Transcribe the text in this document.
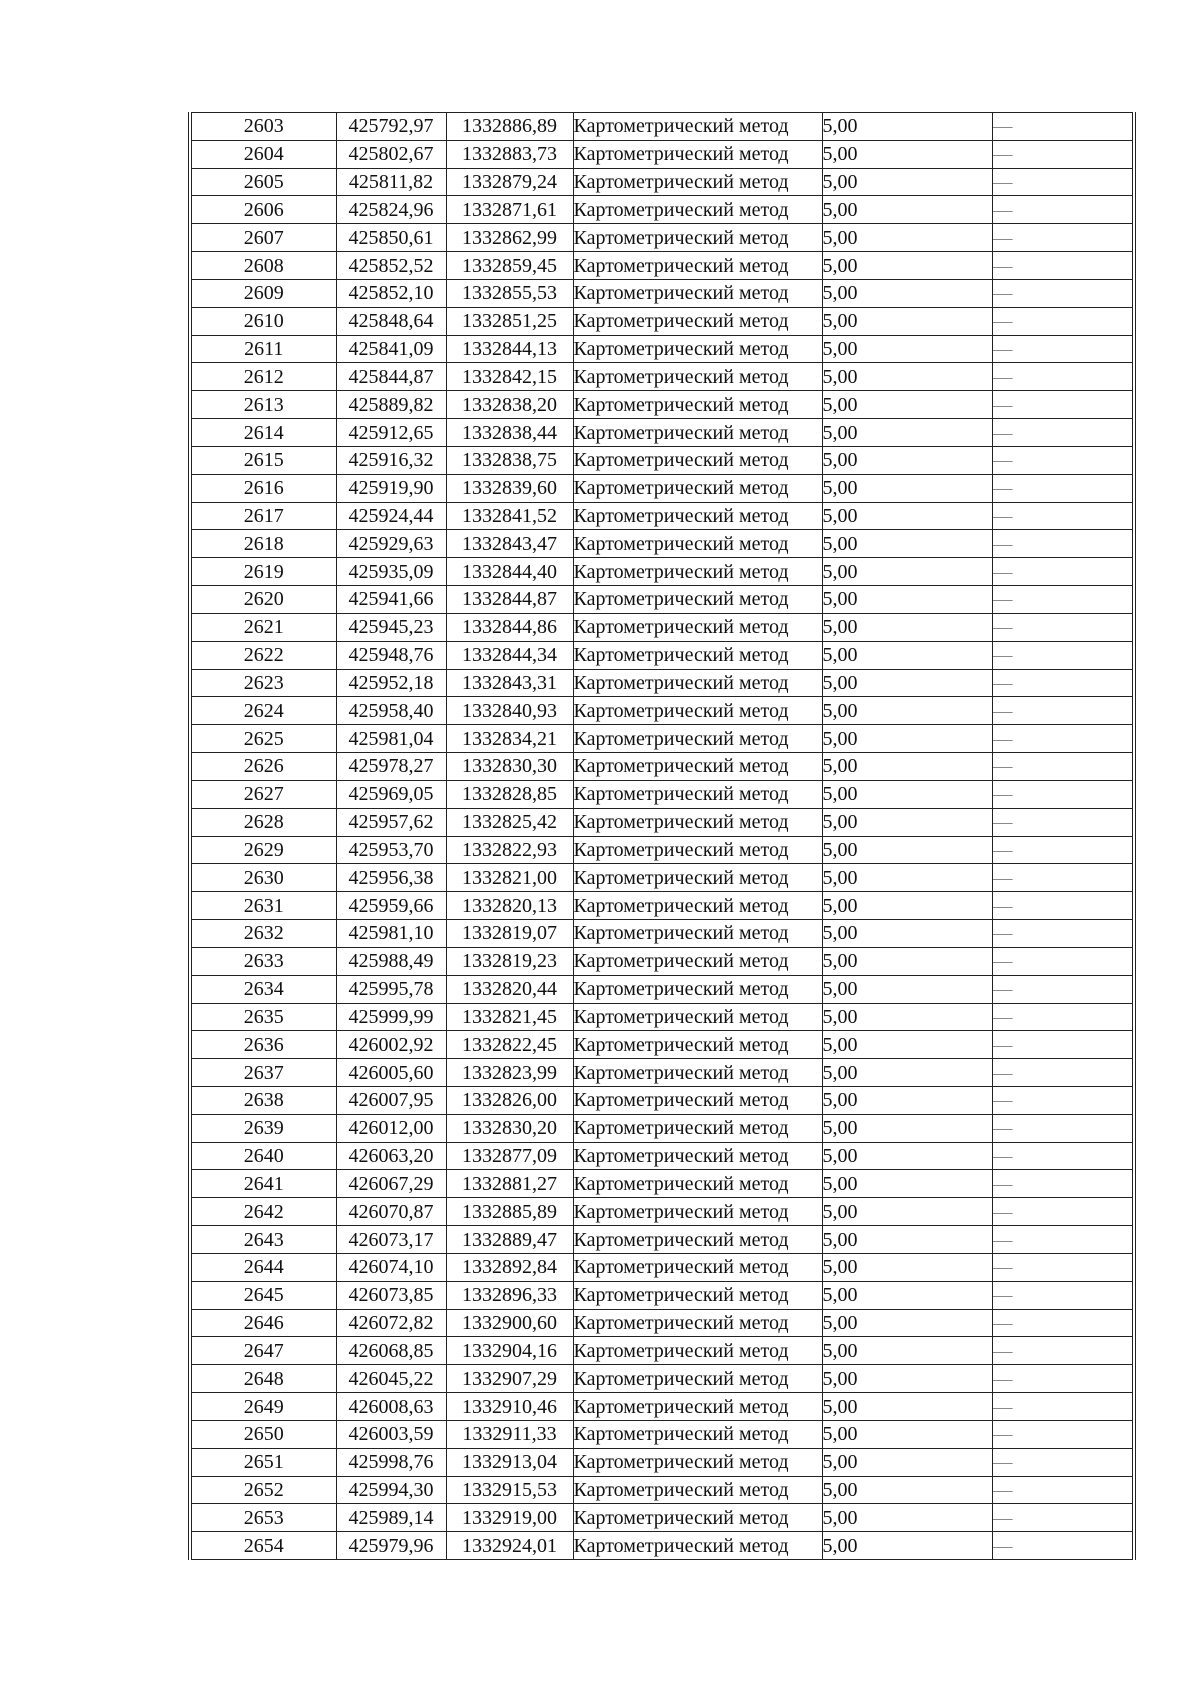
2603	425792,97	1332886,89	Картометрический метод	5,00	—
2604	425802,67	1332883,73	Картометрический метод	5,00	—
2605	425811,82	1332879,24	Картометрический метод	5,00	—
2606	425824,96	1332871,61	Картометрический метод	5,00	—
2607	425850,61	1332862,99	Картометрический метод	5,00	—
2608	425852,52	1332859,45	Картометрический метод	5,00	—
2609	425852,10	1332855,53	Картометрический метод	5,00	—
2610	425848,64	1332851,25	Картометрический метод	5,00	—
2611	425841,09	1332844,13	Картометрический метод	5,00	—
2612	425844,87	1332842,15	Картометрический метод	5,00	—
2613	425889,82	1332838,20	Картометрический метод	5,00	—
2614	425912,65	1332838,44	Картометрический метод	5,00	—
2615	425916,32	1332838,75	Картометрический метод	5,00	—
2616	425919,90	1332839,60	Картометрический метод	5,00	—
2617	425924,44	1332841,52	Картометрический метод	5,00	—
2618	425929,63	1332843,47	Картометрический метод	5,00	—
2619	425935,09	1332844,40	Картометрический метод	5,00	—
2620	425941,66	1332844,87	Картометрический метод	5,00	—
2621	425945,23	1332844,86	Картометрический метод	5,00	—
2622	425948,76	1332844,34	Картометрический метод	5,00	—
2623	425952,18	1332843,31	Картометрический метод	5,00	—
2624	425958,40	1332840,93	Картометрический метод	5,00	—
2625	425981,04	1332834,21	Картометрический метод	5,00	—
2626	425978,27	1332830,30	Картометрический метод	5,00	—
2627	425969,05	1332828,85	Картометрический метод	5,00	—
2628	425957,62	1332825,42	Картометрический метод	5,00	—
2629	425953,70	1332822,93	Картометрический метод	5,00	—
2630	425956,38	1332821,00	Картометрический метод	5,00	—
2631	425959,66	1332820,13	Картометрический метод	5,00	—
2632	425981,10	1332819,07	Картометрический метод	5,00	—
2633	425988,49	1332819,23	Картометрический метод	5,00	—
2634	425995,78	1332820,44	Картометрический метод	5,00	—
2635	425999,99	1332821,45	Картометрический метод	5,00	—
2636	426002,92	1332822,45	Картометрический метод	5,00	—
2637	426005,60	1332823,99	Картометрический метод	5,00	—
2638	426007,95	1332826,00	Картометрический метод	5,00	—
2639	426012,00	1332830,20	Картометрический метод	5,00	—
2640	426063,20	1332877,09	Картометрический метод	5,00	—
2641	426067,29	1332881,27	Картометрический метод	5,00	—
2642	426070,87	1332885,89	Картометрический метод	5,00	—
2643	426073,17	1332889,47	Картометрический метод	5,00	—
2644	426074,10	1332892,84	Картометрический метод	5,00	—
2645	426073,85	1332896,33	Картометрический метод	5,00	—
2646	426072,82	1332900,60	Картометрический метод	5,00	—
2647	426068,85	1332904,16	Картометрический метод	5,00	—
2648	426045,22	1332907,29	Картометрический метод	5,00	—
2649	426008,63	1332910,46	Картометрический метод	5,00	—
2650	426003,59	1332911,33	Картометрический метод	5,00	—
2651	425998,76	1332913,04	Картометрический метод	5,00	—
2652	425994,30	1332915,53	Картометрический метод	5,00	—
2653	425989,14	1332919,00	Картометрический метод	5,00	—
2654	425979,96	1332924,01	Картометрический метод	5,00	—
